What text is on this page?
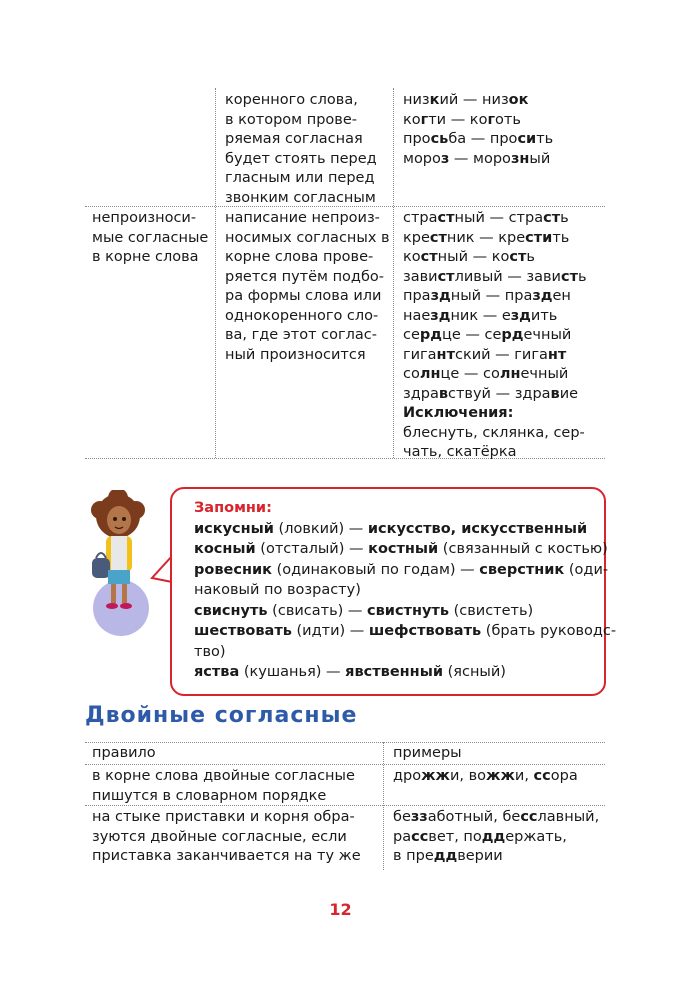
коренного слова,
в котором прове-
ряемая согласная
будет стоять перед
гласным или перед
звонким согласным
низкий — низок
когти — коготь
просьба — просить
мороз — морозный
непроизноси-
мые согласные
в корне слова
написание непроиз-
носимых согласных в
корне слова прове-
ряется путём подбо-
ра формы слова или
однокоренного сло-
ва, где этот соглас-
ный произносится
страстный — страсть
крестник — крестить
костный — кость
завистливый — зависть
праздный — празден
наездник — ездить
сердце — сердечный
гигантский — гигант
солнце — солнечный
здравствуй — здравие
Исключения:
блеснуть, склянка, сер-
чать, скатёрка
Запомни:
искусный (ловкий) — искусство, искусственный
косный (отсталый) — костный (связанный с костью)
ровесник (одинаковый по годам) — сверстник (оди-
наковый по возрасту)
свиснуть (свисать) — свистнуть (свистеть)
шествовать (идти) — шефствовать (брать руководс-
тво)
яства (кушанья) — явственный (ясный)
Двойные согласные
правило	примеры
в корне слова двойные согласные
пишутся в словарном порядке
дрожжи, вожжи, ссора
на стыке приставки и корня обра-
зуются двойные согласные, если
приставка заканчивается на ту же
беззаботный, бесславный,
рассвет, поддержать,
в преддверии
12
